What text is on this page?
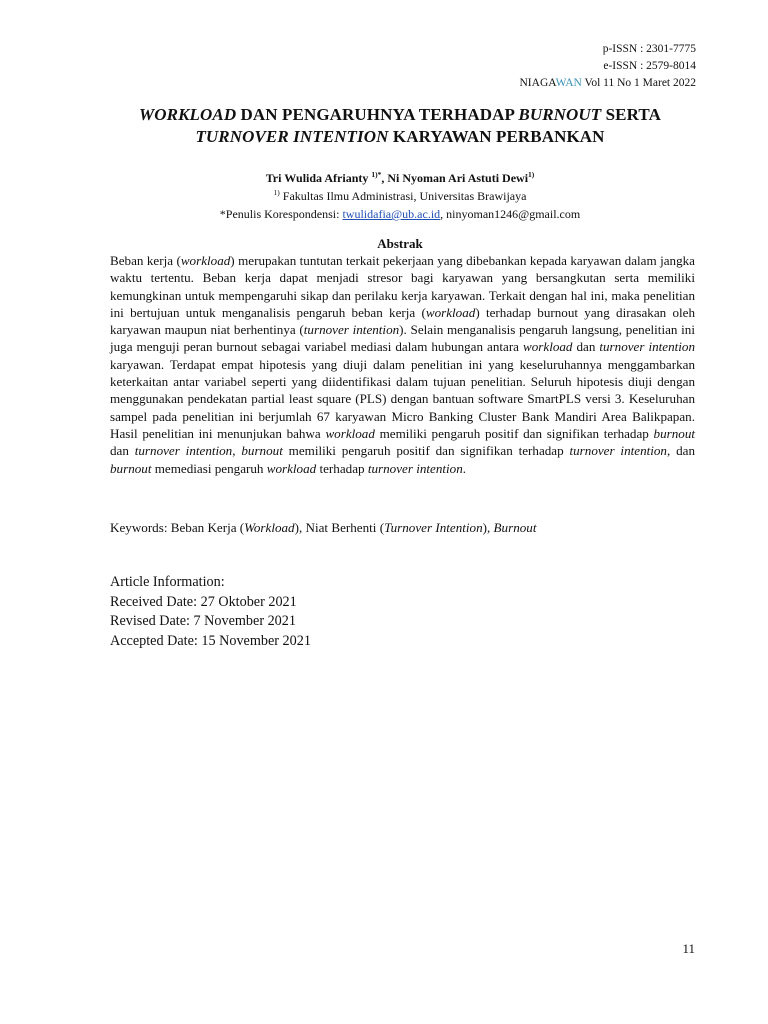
p-ISSN : 2301-7775
e-ISSN : 2579-8014
NIAGAWAN Vol 11 No 1 Maret 2022
WORKLOAD DAN PENGARUHNYA TERHADAP BURNOUT SERTA
TURNOVER INTENTION KARYAWAN PERBANKAN
Tri Wulida Afrianty $^{1)*}$, Ni Nyoman Ari Astuti Dewi$^{1)}$
$^{1)}$ Fakultas Ilmu Administrasi, Universitas Brawijaya
*Penulis Korespondensi: twulidafia@ub.ac.id, ninyoman1246@gmail.com
Abstrak
Beban kerja (workload) merupakan tuntutan terkait pekerjaan yang dibebankan kepada karyawan dalam jangka waktu tertentu. Beban kerja dapat menjadi stresor bagi karyawan yang bersangkutan serta memiliki kemungkinan untuk mempengaruhi sikap dan perilaku kerja karyawan. Terkait dengan hal ini, maka penelitian ini bertujuan untuk menganalisis pengaruh beban kerja (workload) terhadap burnout yang dirasakan oleh karyawan maupun niat berhentinya (turnover intention). Selain menganalisis pengaruh langsung, penelitian ini juga menguji peran burnout sebagai variabel mediasi dalam hubungan antara workload dan turnover intention karyawan. Terdapat empat hipotesis yang diuji dalam penelitian ini yang keseluruhannya menggambarkan keterkaitan antar variabel seperti yang diidentifikasi dalam tujuan penelitian. Seluruh hipotesis diuji dengan menggunakan pendekatan partial least square (PLS) dengan bantuan software SmartPLS versi 3. Keseluruhan sampel pada penelitian ini berjumlah 67 karyawan Micro Banking Cluster Bank Mandiri Area Balikpapan. Hasil penelitian ini menunjukan bahwa workload memiliki pengaruh positif dan signifikan terhadap burnout dan turnover intention, burnout memiliki pengaruh positif dan signifikan terhadap turnover intention, dan burnout memediasi pengaruh workload terhadap turnover intention.
Keywords: Beban Kerja (Workload), Niat Berhenti (Turnover Intention), Burnout
Article Information:
Received Date: 27 Oktober 2021
Revised Date: 7 November 2021
Accepted Date: 15 November 2021
11
